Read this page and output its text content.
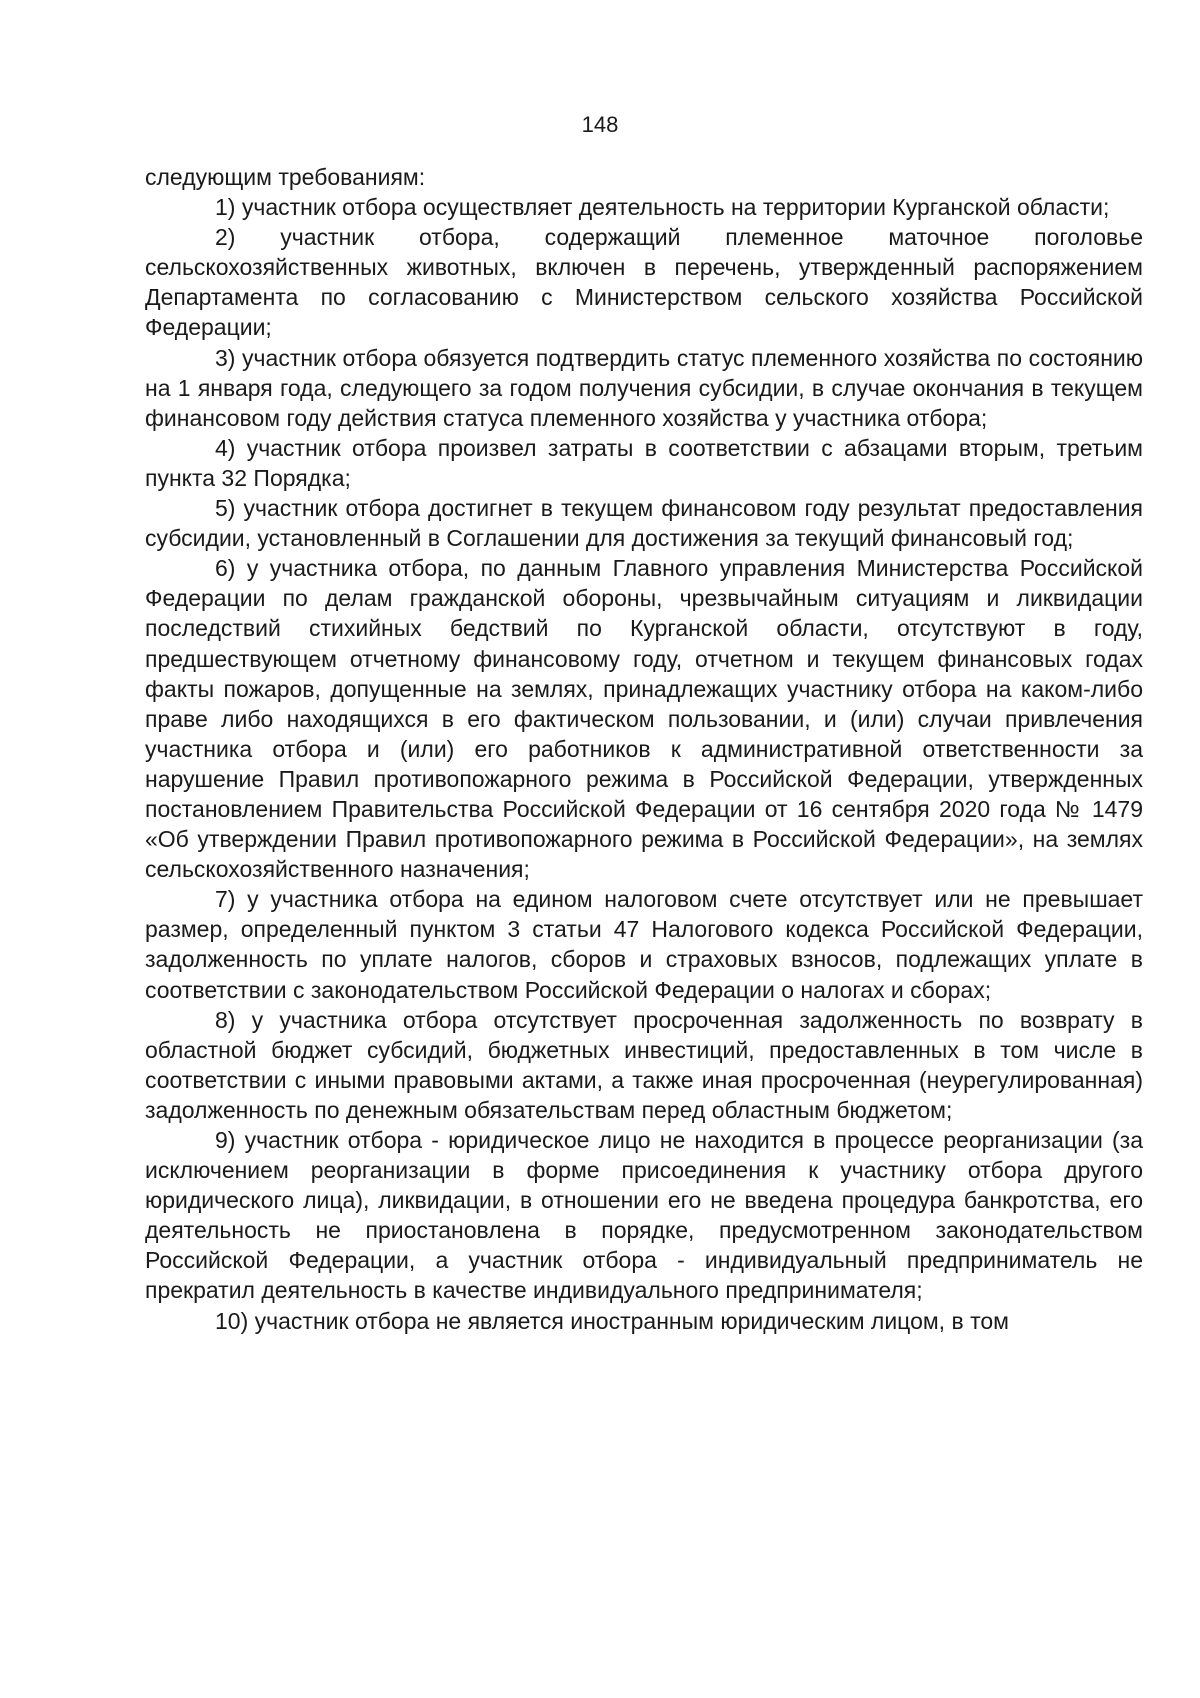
148

следующим требованиям:

1) участник отбора осуществляет деятельность на территории Курганской области;

2) участник отбора, содержащий племенное маточное поголовье сельскохозяйственных животных, включен в перечень, утвержденный распоряжением Департамента по согласованию с Министерством сельского хозяйства Российской Федерации;

3) участник отбора обязуется подтвердить статус племенного хозяйства по состоянию на 1 января года, следующего за годом получения субсидии, в случае окончания в текущем финансовом году действия статуса племенного хозяйства у участника отбора;

4) участник отбора произвел затраты в соответствии с абзацами вторым, третьим пункта 32 Порядка;

5) участник отбора достигнет в текущем финансовом году результат предоставления субсидии, установленный в Соглашении для достижения за текущий финансовый год;

6) у участника отбора, по данным Главного управления Министерства Российской Федерации по делам гражданской обороны, чрезвычайным ситуациям и ликвидации последствий стихийных бедствий по Курганской области, отсутствуют в году, предшествующем отчетному финансовому году, отчетном и текущем финансовых годах факты пожаров, допущенные на землях, принадлежащих участнику отбора на каком-либо праве либо находящихся в его фактическом пользовании, и (или) случаи привлечения участника отбора и (или) его работников к административной ответственности за нарушение Правил противопожарного режима в Российской Федерации, утвержденных постановлением Правительства Российской Федерации от 16 сентября 2020 года № 1479 «Об утверждении Правил противопожарного режима в Российской Федерации», на землях сельскохозяйственного назначения;

7) у участника отбора на едином налоговом счете отсутствует или не превышает размер, определенный пунктом 3 статьи 47 Налогового кодекса Российской Федерации, задолженность по уплате налогов, сборов и страховых взносов, подлежащих уплате в соответствии с законодательством Российской Федерации о налогах и сборах;

8) у участника отбора отсутствует просроченная задолженность по возврату в областной бюджет субсидий, бюджетных инвестиций, предоставленных в том числе в соответствии с иными правовыми актами, а также иная просроченная (неурегулированная) задолженность по денежным обязательствам перед областным бюджетом;

9) участник отбора - юридическое лицо не находится в процессе реорганизации (за исключением реорганизации в форме присоединения к участнику отбора другого юридического лица), ликвидации, в отношении его не введена процедура банкротства, его деятельность не приостановлена в порядке, предусмотренном законодательством Российской Федерации, а участник отбора - индивидуальный предприниматель не прекратил деятельность в качестве индивидуального предпринимателя;

10) участник отбора не является иностранным юридическим лицом, в том
